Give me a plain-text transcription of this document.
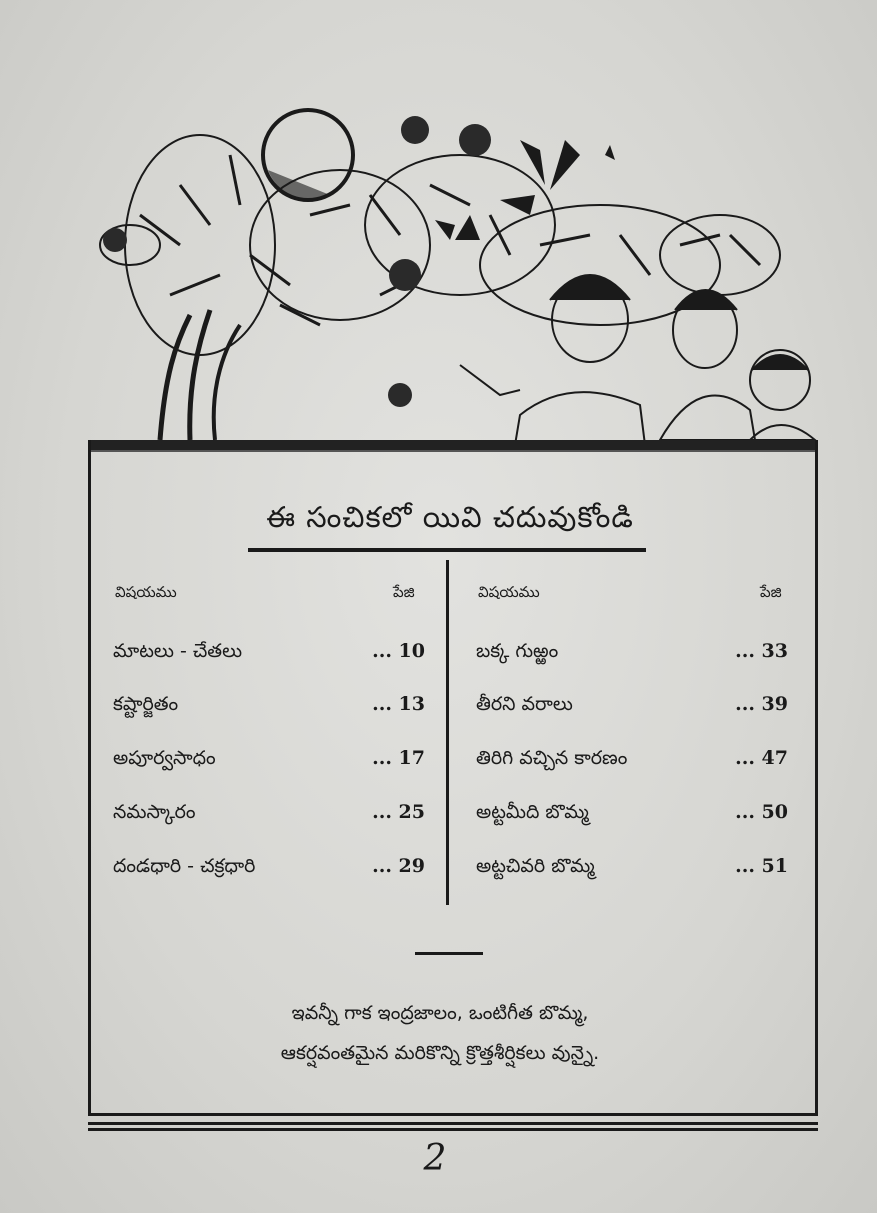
ఈ సంచికలో యివి చదువుకోండి
విషయము	పేజి	విషయము	పేజి
మాటలు - చేతలు	... 10
కష్టార్జితం	... 13
అపూర్వసాధం	... 17
నమస్కారం	... 25
దండధారి - చక్రధారి	... 29
బక్క గుఱ్ఱం	... 33
తీరని వరాలు	... 39
తిరిగి వచ్చిన కారణం	... 47
అట్టమీది బొమ్మ	... 50
అట్టచివరి బొమ్మ	... 51
ఇవన్నీ గాక ఇంద్రజాలం, ఒంటిగీత బొమ్మ,
ఆకర్షవంతమైన మరికొన్ని క్రొత్తశీర్షికలు వున్నై.
2
